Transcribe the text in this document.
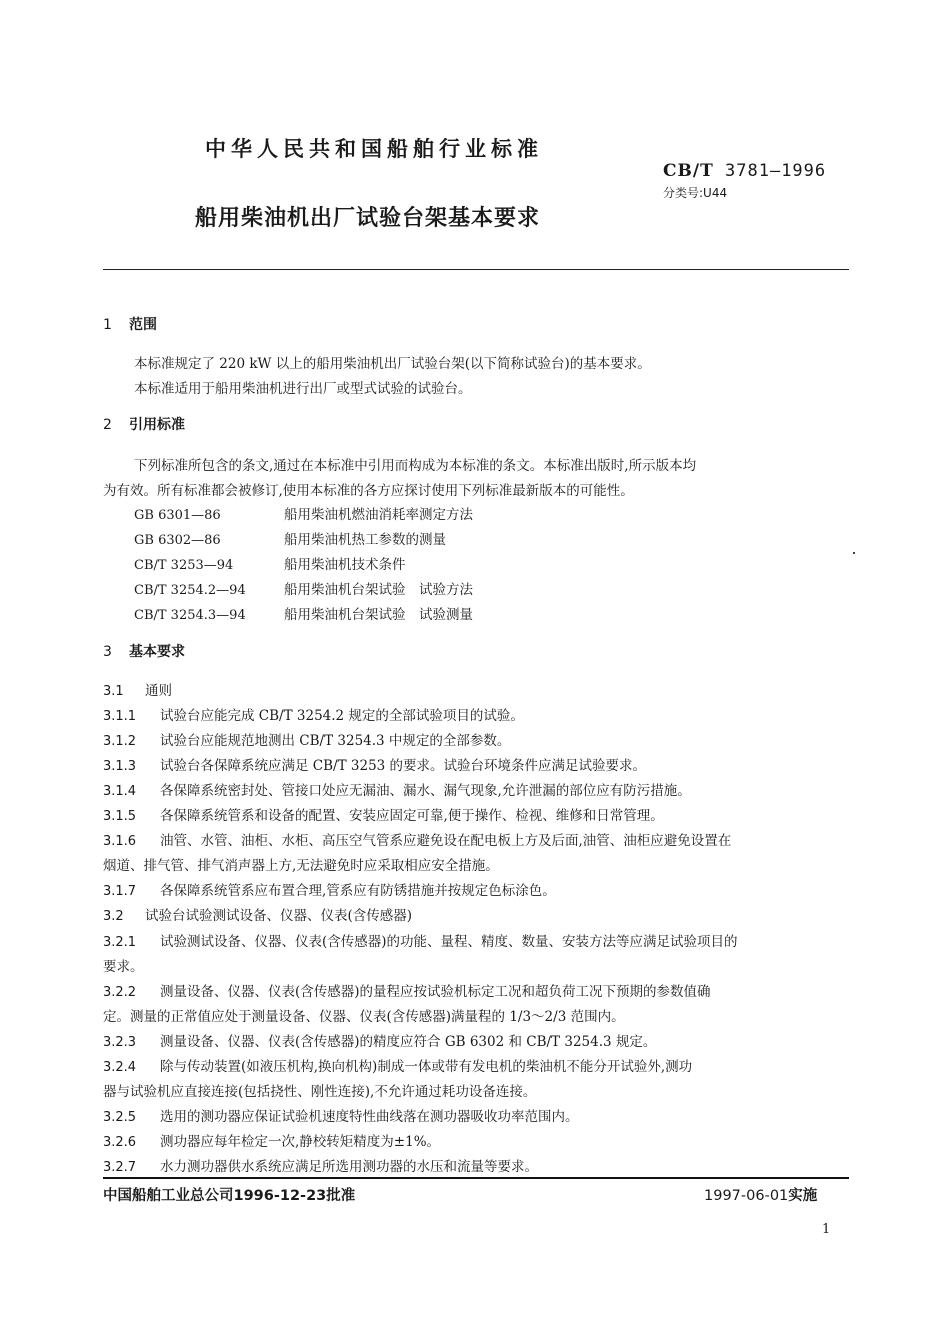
中华人民共和国船舶行业标准
CB/T 3781—1996
分类号:U44
船用柴油机出厂试验台架基本要求
1 范围
本标准规定了 220 kW 以上的船用柴油机出厂试验台架(以下简称试验台)的基本要求。
本标准适用于船用柴油机进行出厂或型式试验的试验台。
2 引用标准
下列标准所包含的条文,通过在本标准中引用而构成为本标准的条文。本标准出版时,所示版本均
为有效。所有标准都会被修订,使用本标准的各方应探讨使用下列标准最新版本的可能性。
GB 6301—86	船用柴油机燃油消耗率测定方法
GB 6302—86	船用柴油机热工参数的测量
CB/T 3253—94	船用柴油机技术条件
CB/T 3254.2—94	船用柴油机台架试验　试验方法
CB/T 3254.3—94	船用柴油机台架试验　试验测量
3 基本要求
3.1 通则
3.1.1 试验台应能完成 CB/T 3254.2 规定的全部试验项目的试验。
3.1.2 试验台应能规范地测出 CB/T 3254.3 中规定的全部参数。
3.1.3 试验台各保障系统应满足 CB/T 3253 的要求。试验台环境条件应满足试验要求。
3.1.4 各保障系统密封处、管接口处应无漏油、漏水、漏气现象,允许泄漏的部位应有防污措施。
3.1.5 各保障系统管系和设备的配置、安装应固定可靠,便于操作、检视、维修和日常管理。
3.1.6 油管、水管、油柜、水柜、高压空气管系应避免设在配电板上方及后面,油管、油柜应避免设置在
烟道、排气管、排气消声器上方,无法避免时应采取相应安全措施。
3.1.7 各保障系统管系应布置合理,管系应有防锈措施并按规定色标涂色。
3.2 试验台试验测试设备、仪器、仪表(含传感器)
3.2.1 试验测试设备、仪器、仪表(含传感器)的功能、量程、精度、数量、安装方法等应满足试验项目的
要求。
3.2.2 测量设备、仪器、仪表(含传感器)的量程应按试验机标定工况和超负荷工况下预期的参数值确
定。测量的正常值应处于测量设备、仪器、仪表(含传感器)满量程的 1/3～2/3 范围内。
3.2.3 测量设备、仪器、仪表(含传感器)的精度应符合 GB 6302 和 CB/T 3254.3 规定。
3.2.4 除与传动装置(如液压机构,换向机构)制成一体或带有发电机的柴油机不能分开试验外,测功
器与试验机应直接连接(包括挠性、刚性连接),不允许通过耗功设备连接。
3.2.5 选用的测功器应保证试验机速度特性曲线落在测功器吸收功率范围内。
3.2.6 测功器应每年检定一次,静校转矩精度为±1%。
3.2.7 水力测功器供水系统应满足所选用测功器的水压和流量等要求。
中国船舶工业总公司1996-12-23批准	1997-06-01实施
1
